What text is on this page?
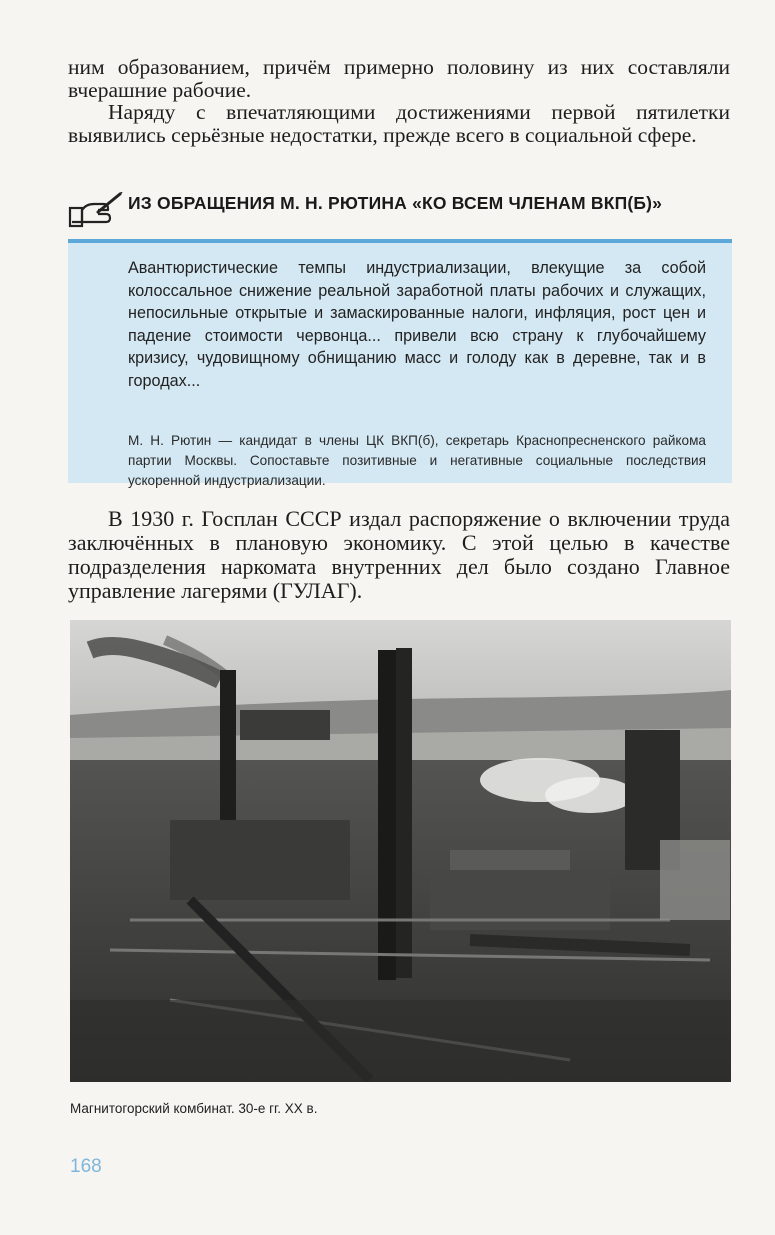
ним образованием, причём примерно половину из них составляли вчерашние рабочие.

Наряду с впечатляющими достижениями первой пятилетки выявились серьёзные недостатки, прежде всего в социальной сфере.

ИЗ ОБРАЩЕНИЯ М. Н. РЮТИНА «КО ВСЕМ ЧЛЕНАМ ВКП(Б)»

Авантюристические темпы индустриализации, влекущие за собой колоссальное снижение реальной заработной платы рабочих и служащих, непосильные открытые и замаскированные налоги, инфляция, рост цен и падение стоимости червонца... привели всю страну к глубочайшему кризису, чудовищному обнищанию масс и голоду как в деревне, так и в городах...

М. Н. Рютин — кандидат в члены ЦК ВКП(б), секретарь Краснопресненского райкома партии Москвы. Сопоставьте позитивные и негативные социальные последствия ускоренной индустриализации.

В 1930 г. Госплан СССР издал распоряжение о включении труда заключённых в плановую экономику. С этой целью в качестве подразделения наркомата внутренних дел было создано Главное управление лагерями (ГУЛАГ).

Магнитогорский комбинат. 30-е гг. XX в.
168
